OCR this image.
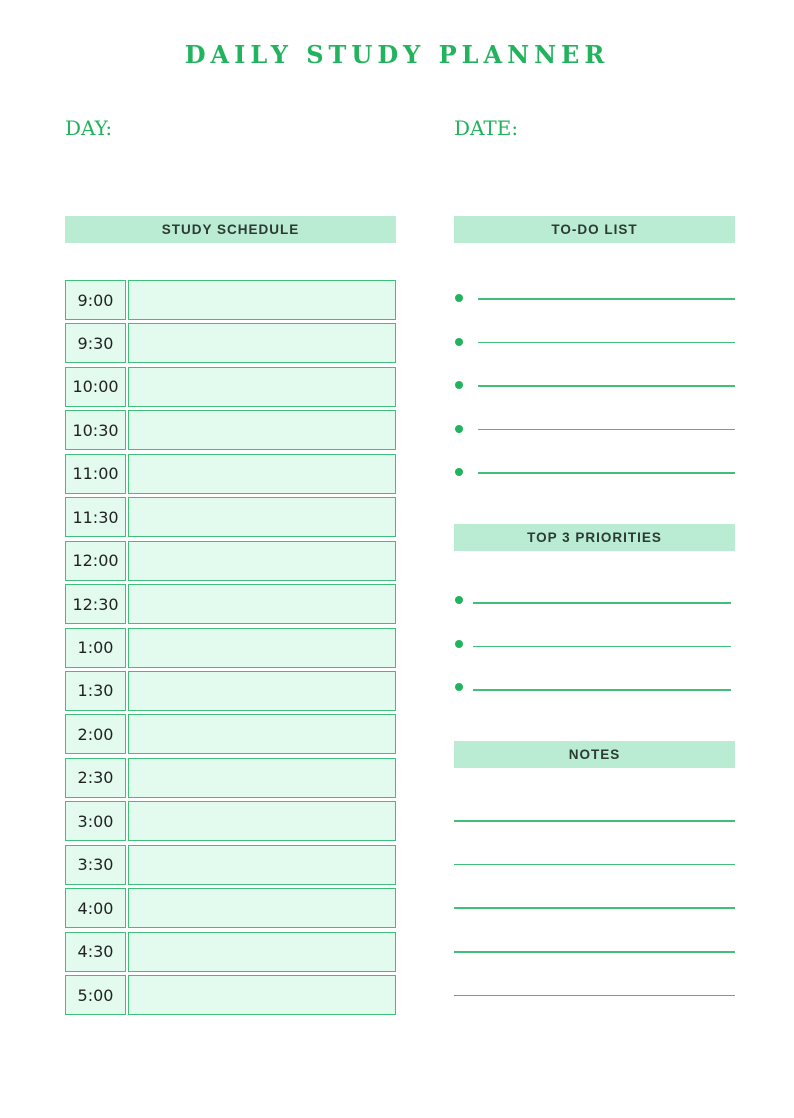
DAILY STUDY PLANNER
DAY:	DATE:
STUDY SCHEDULE	TO-DO LIST
TOP 3 PRIORITIES
NOTES
9:00
9:30
10:00
10:30
11:00
11:30
12:00
12:30
1:00
1:30
2:00
2:30
3:00
3:30
4:00
4:30
5:00
